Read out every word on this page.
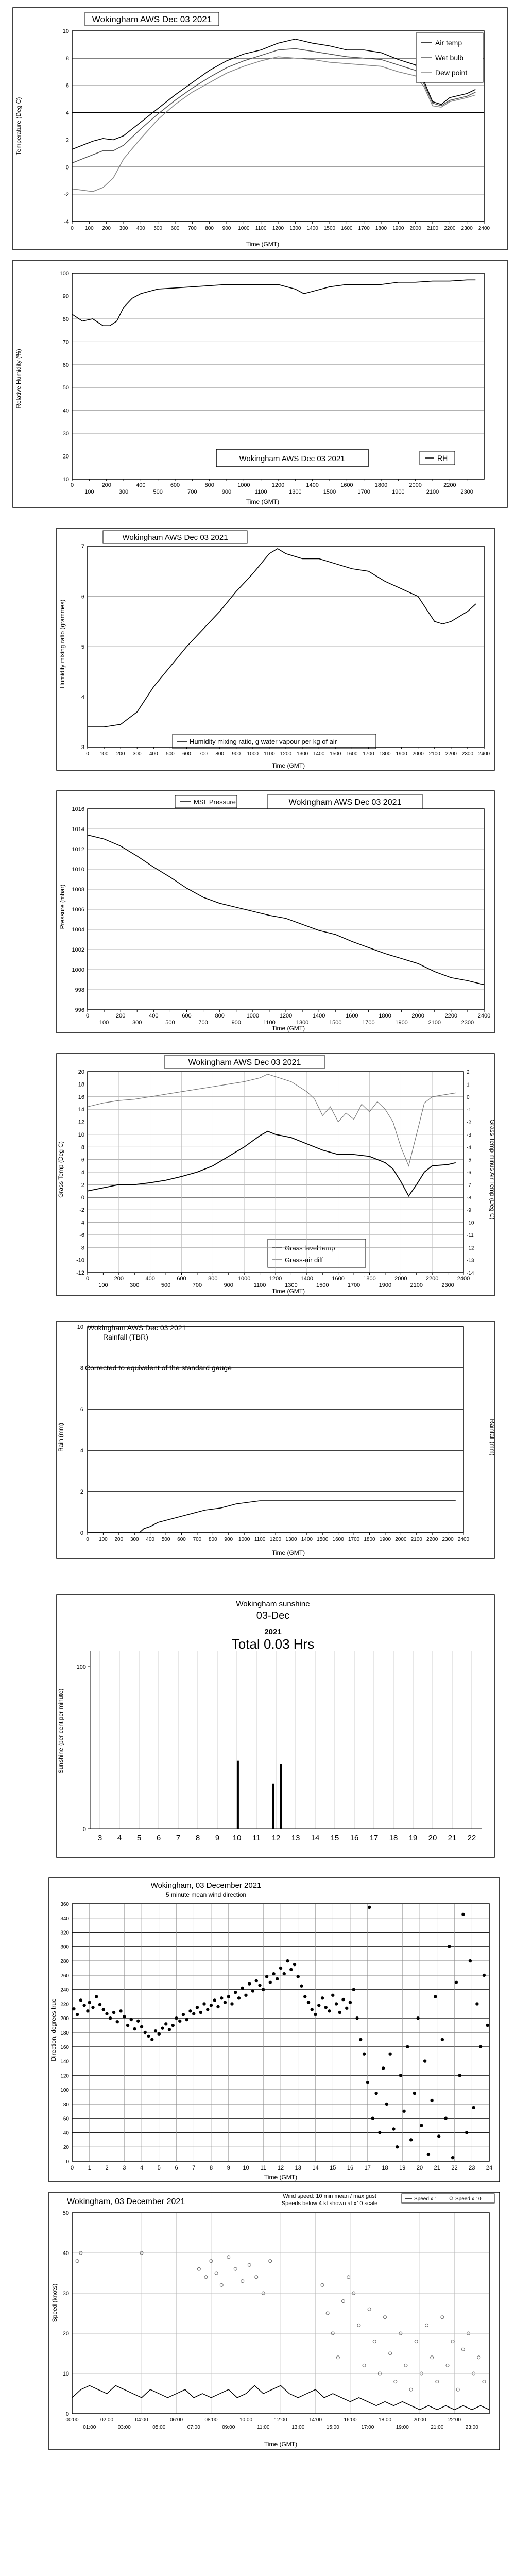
Wokingham AWS Dec 03 2021
Time (GMT)
Temperature (Deg C)
-4
-2
0
2
4
6
8
10
0 100 200 300 400 500 600 700 800 900 1000 1100 1200 1300 1400 1500 1600 1700 1800 1900 2000 2100 2200 2300 2400
Air temp
Wet bulb
Dew point
Wokingham AWS Dec 03 2021	RH
Time (GMT)
Relative Humidity (%)
10
20
30
40
50
60
70
80
90
100
0	200	400	600	800	1000	1200	1400	1600	1800	2000	2200
100	300	500	700	900	1100	1300	1500	1700	1900	2100	2300
Wokingham AWS Dec 03 2021
Humidity mixing ratio, g water vapour per kg of air
Time (GMT)
Humidity mixing ratio (grammes)
3
4
5
6
7
0 100 200 300 400 500 600 700 800 900 1000 1100 1200 1300 1400 1500 1600 1700 1800 1900 2000 2100 2200 2300 2400
MSL Pressure	Wokingham AWS Dec 03 2021
Time (GMT)
Pressure (mbar)
996
998
1000
1002
1004
1006
1008
1010
1012
1014
1016
0	200	400	600	800	1000	1200	1400	1600	1800	2000	2200	2400
100	300	500	700	900	1100	1300	1500	1700	1900	2100	2300
Wokingham AWS Dec 03 2021
Grass level temp
Grass-air diff
Time (GMT)
Grass Temp (Deg C)	Grass Temp minus Air Temp (Deg C)
-12
-10
-8
-6
-4
-2
0
2
4
6
8
10
12
14
16
18
20
-14
-13
-12
-11
-10
-9
-8
-7
-6
-5
-4
-3
-2
-1
0
1
2
0	200	400	600	800	1000	1200	1400	1600	1800	2000	2200	2400
100	300	500	700	900	1100	1300	1500	1700	1900	2100	2300
Wokingham AWS Dec 03 2021
Rainfall (TBR)
Corrected to equivalent of the standard gauge
Time (GMT)
Rain (mm)	Rainfall (mm)
0
2
4
6
8
10
0 100 200 300 400 500 600 700 800 900 1000 1100 1200 1300 1400 1500 1600 1700 1800 1900 2000 2100 2200 2300 2400
Wokingham sunshine
03-Dec
2021
Total 0.03 Hrs
Sunshine (per cent per minute)
3 4 5 6 7 8 9 10 11 12 13 14 15 16 17 18 19 20 21 22
0
100
Wokingham, 03 December 2021
5 minute mean wind direction
Time (GMT)
Direction, degrees true
0
20
40
60
80
100
120
140
160
180
200
220
240
260
280
300
320
340
360
0	1	2	3	4	5	6	7	8	9 10 11 12 13 14 15 16 17 18 19 20 21 22 23 24
Wokingham, 03 December 2021
Wind speed: 10 min mean / max gust
Speeds below 4 kt shown at x10 scale
Speed x 1	Speed x 10
Speed (knots)
Time (GMT)
0
10
20
30
40
50
00:00	02:00	04:00	06:00	08:00	10:00	12:00	14:00	16:00	18:00	20:00	22:00
01:00	03:00	05:00	07:00	09:00	11:00	13:00	15:00	17:00	19:00	21:00	23:00
